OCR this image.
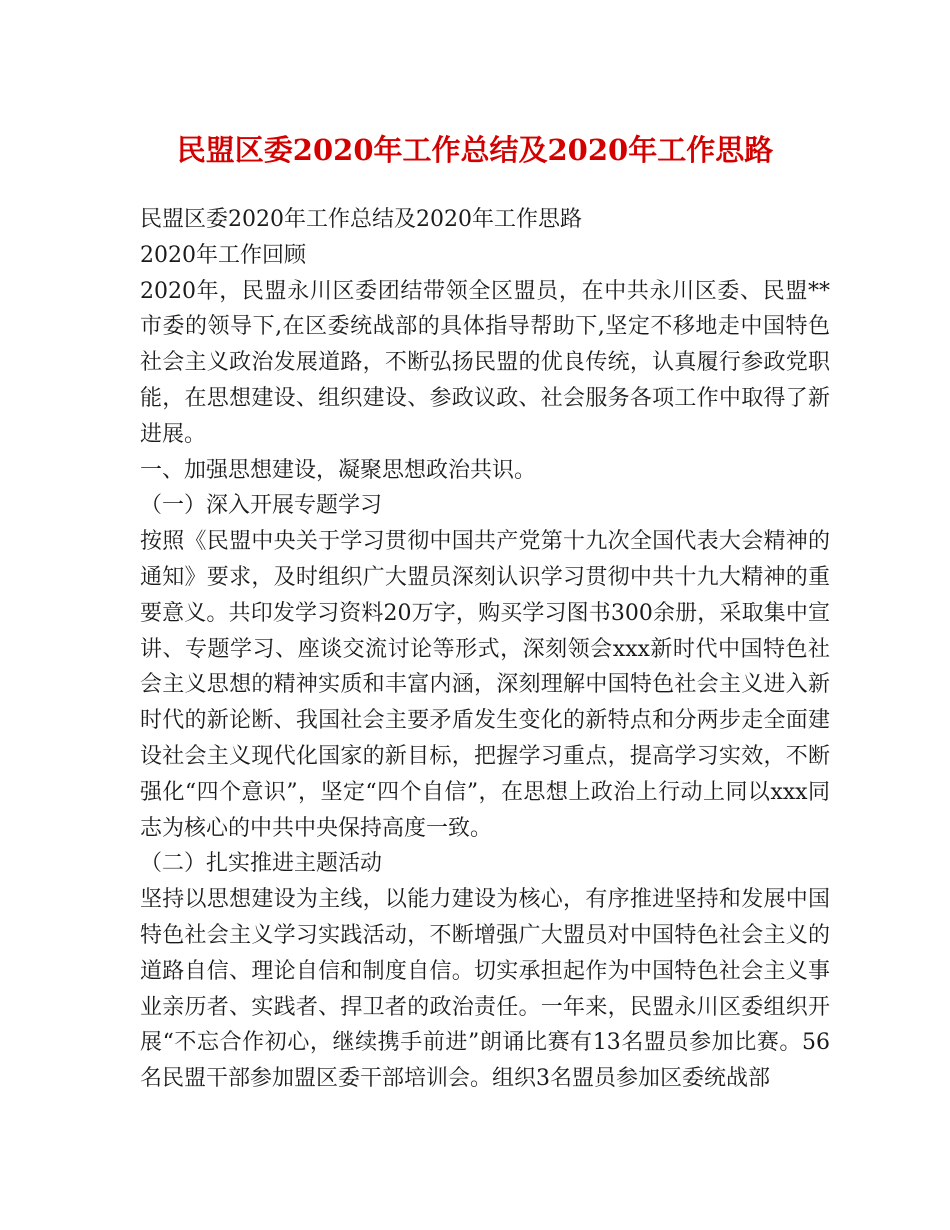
民盟区委2020年工作总结及2020年工作思路

民盟区委2020年工作总结及2020年工作思路

2020年工作回顾

2020年，民盟永川区委团结带领全区盟员，在中共永川区委、民盟**市委的领导下,在区委统战部的具体指导帮助下,坚定不移地走中国特色社会主义政治发展道路，不断弘扬民盟的优良传统，认真履行参政党职能，在思想建设、组织建设、参政议政、社会服务各项工作中取得了新进展。

一、加强思想建设，凝聚思想政治共识。

（一）深入开展专题学习

按照《民盟中央关于学习贯彻中国共产党第十九次全国代表大会精神的通知》要求，及时组织广大盟员深刻认识学习贯彻中共十九大精神的重要意义。共印发学习资料20万字，购买学习图书300余册，采取集中宣讲、专题学习、座谈交流讨论等形式，深刻领会xxx新时代中国特色社会主义思想的精神实质和丰富内涵，深刻理解中国特色社会主义进入新时代的新论断、我国社会主要矛盾发生变化的新特点和分两步走全面建设社会主义现代化国家的新目标，把握学习重点，提高学习实效，不断强化“四个意识”，坚定“四个自信”，在思想上政治上行动上同以xxx同志为核心的中共中央保持高度一致。

（二）扎实推进主题活动

坚持以思想建设为主线，以能力建设为核心，有序推进坚持和发展中国特色社会主义学习实践活动，不断增强广大盟员对中国特色社会主义的道路自信、理论自信和制度自信。切实承担起作为中国特色社会主义事业亲历者、实践者、捍卫者的政治责任。一年来，民盟永川区委组织开展“不忘合作初心，继续携手前进”朗诵比赛有13名盟员参加比赛。56名民盟干部参加盟区委干部培训会。组织3名盟员参加区委统战部
